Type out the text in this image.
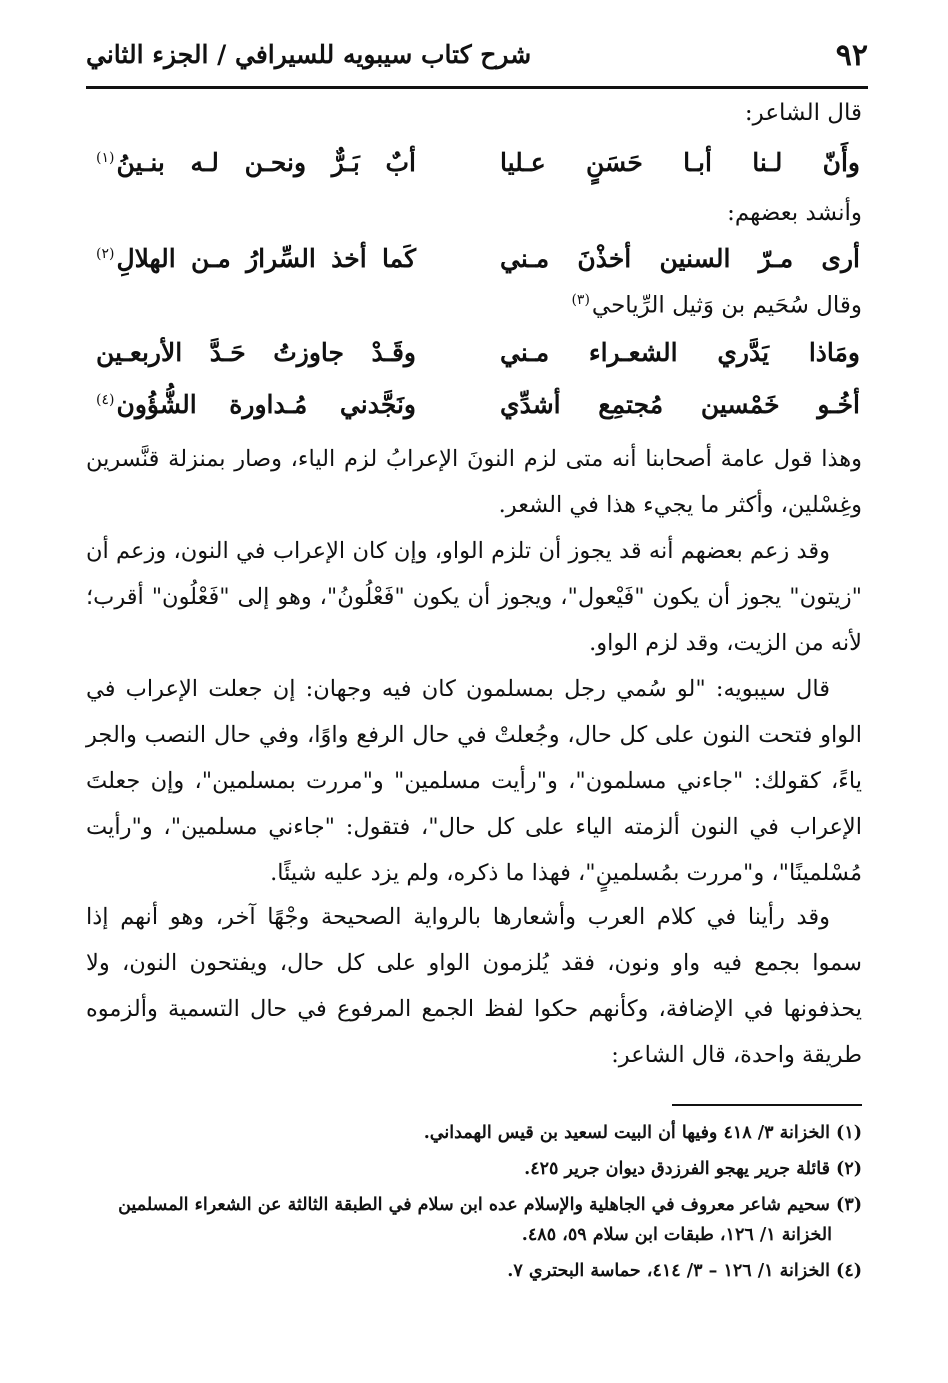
٩٢
شرح كتاب سيبويه للسيرافي / الجزء الثاني
قال الشاعر:
وأَنّ لـنا أبـا حَسَنٍ عـليا
أبٌ بَـرٌّ ونحـن لـه بنـينُ$^{(١)}$
وأنشد بعضهم:
أرى مـرّ السنين أخذْنَ مـني
كَما أخذ السِّرارُ مـن الهلالِ$^{(٢)}$
وقال سُحَيم بن وَثيل الرِّياحي$^{(٣)}$
ومَاذا يَدَّري الشعـراء مـني
وقَـدْ جاوزتُ حَـدَّ الأربعـين
أخُـو خَمْسين مُجتمِع أشدِّي
ونَجَّدني مُـداورة الشُّؤُون$^{(٤)}$

وهذا قول عامة أصحابنا أنه متى لزم النونَ الإعرابُ لزم الياء، وصار بمنزلة قنَّسرين وغِسْلين، وأكثر ما يجيء هذا في الشعر.

وقد زعم بعضهم أنه قد يجوز أن تلزم الواو، وإن كان الإعراب في النون، وزعم أن "زيتون" يجوز أن يكون "فَيْعول"، ويجوز أن يكون "فَعْلُونُ"، وهو إلى "فَعْلُون" أقرب؛ لأنه من الزيت، وقد لزم الواو.

قال سيبويه: "لو سُمي رجل بمسلمون كان فيه وجهان: إن جعلت الإعراب في الواو فتحت النون على كل حال، وجُعلتْ في حال الرفع واوًا، وفي حال النصب والجر ياءً، كقولك: "جاءني مسلمون"، و"رأيت مسلمين" و"مررت بمسلمين"، وإن جعلتَ الإعراب في النون ألزمته الياء على كل حال"، فتقول: "جاءني مسلمين"، و"رأيت مُسْلمينًا"، و"مررت بمُسلمينٍ"، فهذا ما ذكره، ولم يزد عليه شيئًا.

وقد رأينا في كلام العرب وأشعارها بالرواية الصحيحة وجْهًا آخر، وهو أنهم إذا سموا بجمع فيه واو ونون، فقد يُلزمون الواو على كل حال، ويفتحون النون، ولا يحذفونها في الإضافة، وكأنهم حكوا لفظ الجمع المرفوع في حال التسمية وألزموه طريقة واحدة، قال الشاعر:

(١) الخزانة ٣/ ٤١٨ وفيها أن البيت لسعيد بن قيس الهمداني.

(٢) قائلة جرير يهجو الفرزدق ديوان جرير ٤٢٥.

(٣) سحيم شاعر معروف في الجاهلية والإسلام عده ابن سلام في الطبقة الثالثة عن الشعراء المسلمين

الخزانة ١/ ١٢٦، طبقات ابن سلام ٥٩، ٤٨٥.

(٤) الخزانة ١/ ١٢٦ – ٣/ ٤١٤، حماسة البحتري ٧.
